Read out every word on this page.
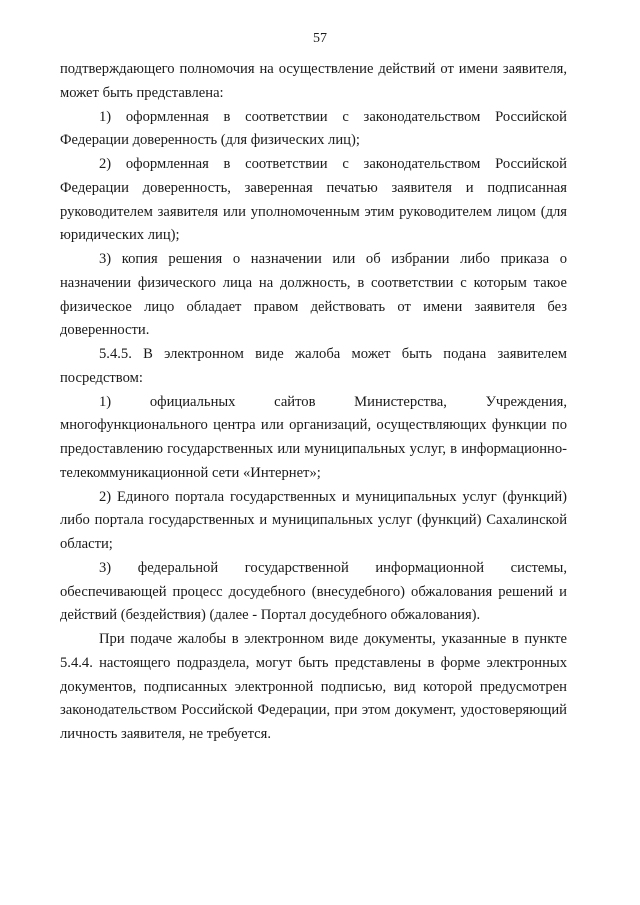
57

подтверждающего полномочия на осуществление действий от имени заявителя, может быть представлена:

1) оформленная в соответствии с законодательством Российской Федерации доверенность (для физических лиц);

2) оформленная в соответствии с законодательством Российской Федерации доверенность, заверенная печатью заявителя и подписанная руководителем заявителя или уполномоченным этим руководителем лицом (для юридических лиц);

3) копия решения о назначении или об избрании либо приказа о назначении физического лица на должность, в соответствии с которым такое физическое лицо обладает правом действовать от имени заявителя без доверенности.

5.4.5. В электронном виде жалоба может быть подана заявителем посредством:

1) официальных сайтов Министерства, Учреждения, многофункционального центра или организаций, осуществляющих функции по предоставлению государственных или муниципальных услуг, в информационно-телекоммуникационной сети «Интернет»;

2) Единого портала государственных и муниципальных услуг (функций) либо портала государственных и муниципальных услуг (функций) Сахалинской области;

3) федеральной государственной информационной системы, обеспечивающей процесс досудебного (внесудебного) обжалования решений и действий (бездействия) (далее - Портал досудебного обжалования).

При подаче жалобы в электронном виде документы, указанные в пункте 5.4.4. настоящего подраздела, могут быть представлены в форме электронных документов, подписанных электронной подписью, вид которой предусмотрен законодательством Российской Федерации, при этом документ, удостоверяющий личность заявителя, не требуется.
